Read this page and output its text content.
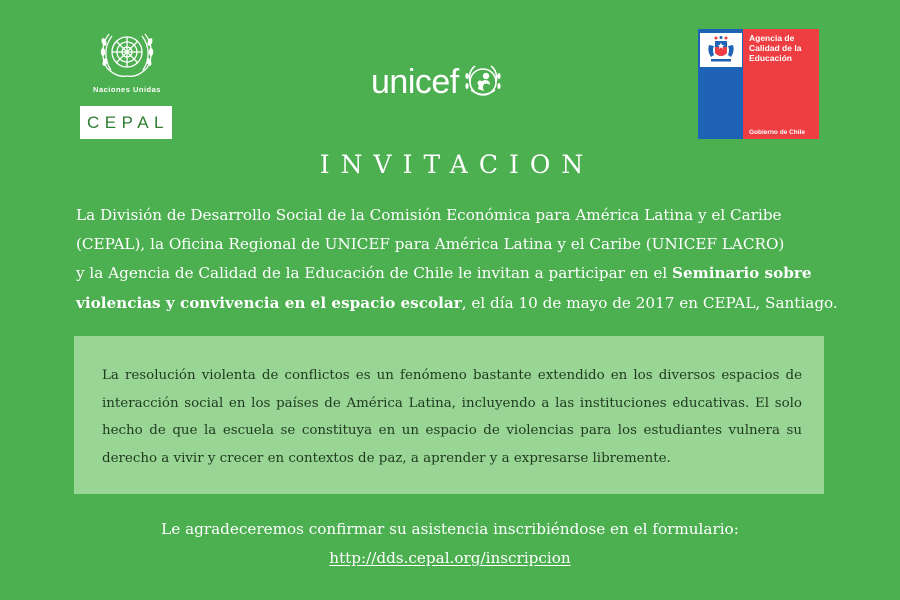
Naciones Unidas
CEPAL
unicef
Agencia de Calidad de la Educación
Gobierno de Chile
INVITACION
La División de Desarrollo Social de la Comisión Económica para América Latina y el Caribe
(CEPAL), la Oficina Regional de UNICEF para América Latina y el Caribe (UNICEF LACRO)
y la Agencia de Calidad de la Educación de Chile le invitan a participar en el Seminario sobre
violencias y convivencia en el espacio escolar, el día 10 de mayo de 2017 en CEPAL, Santiago.

La resolución violenta de conflictos es un fenómeno bastante extendido en los diversos espacios de interacción social en los países de América Latina, incluyendo a las instituciones educativas. El solo hecho de que la escuela se constituya en un espacio de violencias para los estudiantes vulnera su derecho a vivir y crecer en contextos de paz, a aprender y a expresarse libremente.

Le agradeceremos confirmar su asistencia inscribiéndose en el formulario:
http://dds.cepal.org/inscripcion
